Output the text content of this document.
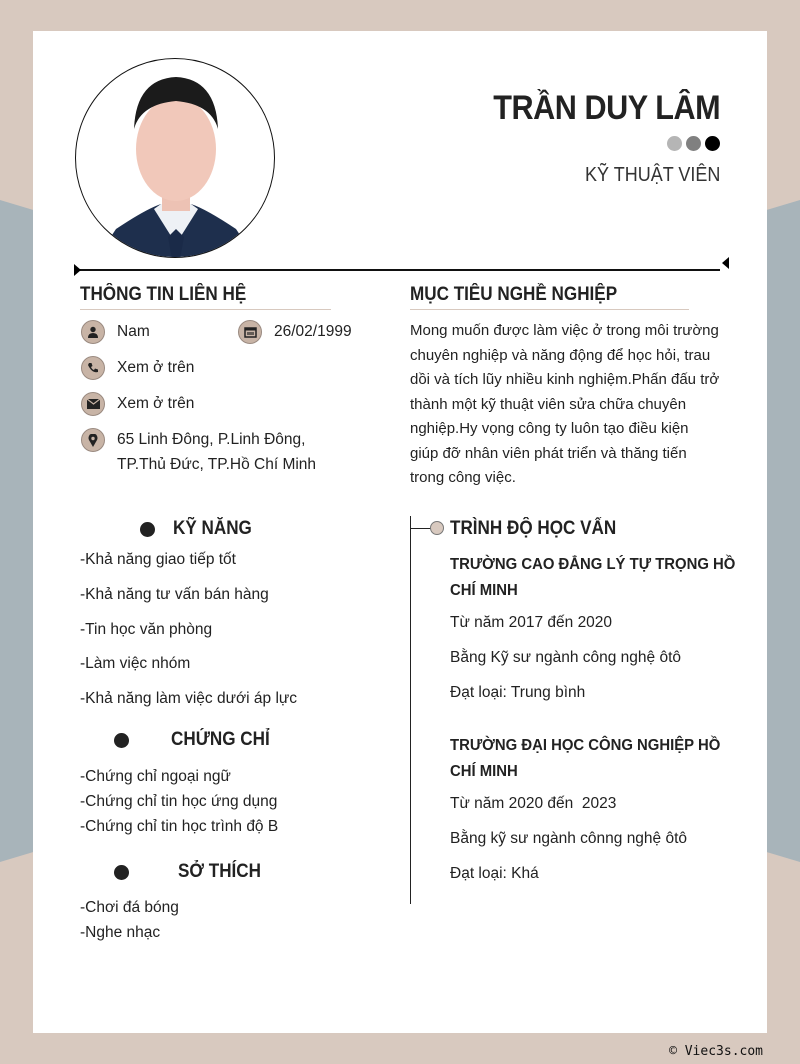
TRẦN DUY LÂM
KỸ THUẬT VIÊN
THÔNG TIN LIÊN HỆ
Nam	26/02/1999
Xem ở trên
Xem ở trên
65 Linh Đông, P.Linh Đông, TP.Thủ Đức, TP.Hồ Chí Minh
MỤC TIÊU NGHỀ NGHIỆP
Mong muốn được làm việc ở trong môi trường chuyên nghiệp và năng động để học hỏi, trau dồi và tích lũy nhiều kinh nghiệm.Phấn đấu trở thành một kỹ thuật viên sửa chữa chuyên nghiệp.Hy vọng công ty luôn tạo điều kiện giúp đỡ nhân viên phát triển và thăng tiến trong công việc.
KỸ NĂNG
-Khả năng giao tiếp tốt
-Khả năng tư vấn bán hàng
-Tin học văn phòng
-Làm việc nhóm
-Khả năng làm việc dưới áp lực
CHỨNG CHỈ
-Chứng chỉ ngoại ngữ
-Chứng chỉ tin học ứng dụng
-Chứng chỉ tin học trình độ B
SỞ THÍCH
-Chơi đá bóng
-Nghe nhạc
TRÌNH ĐỘ HỌC VẤN
TRƯỜNG CAO ĐẲNG LÝ TỰ TRỌNG HỒ CHÍ MINH
Từ năm 2017 đến 2020
Bằng Kỹ sư ngành công nghệ ôtô
Đạt loại: Trung bình
TRƯỜNG ĐẠI HỌC CÔNG NGHIỆP HỒ CHÍ MINH
Từ năm 2020 đến  2023
Bằng kỹ sư ngành cônng nghệ ôtô
Đạt loại: Khá
© Viec3s.com
